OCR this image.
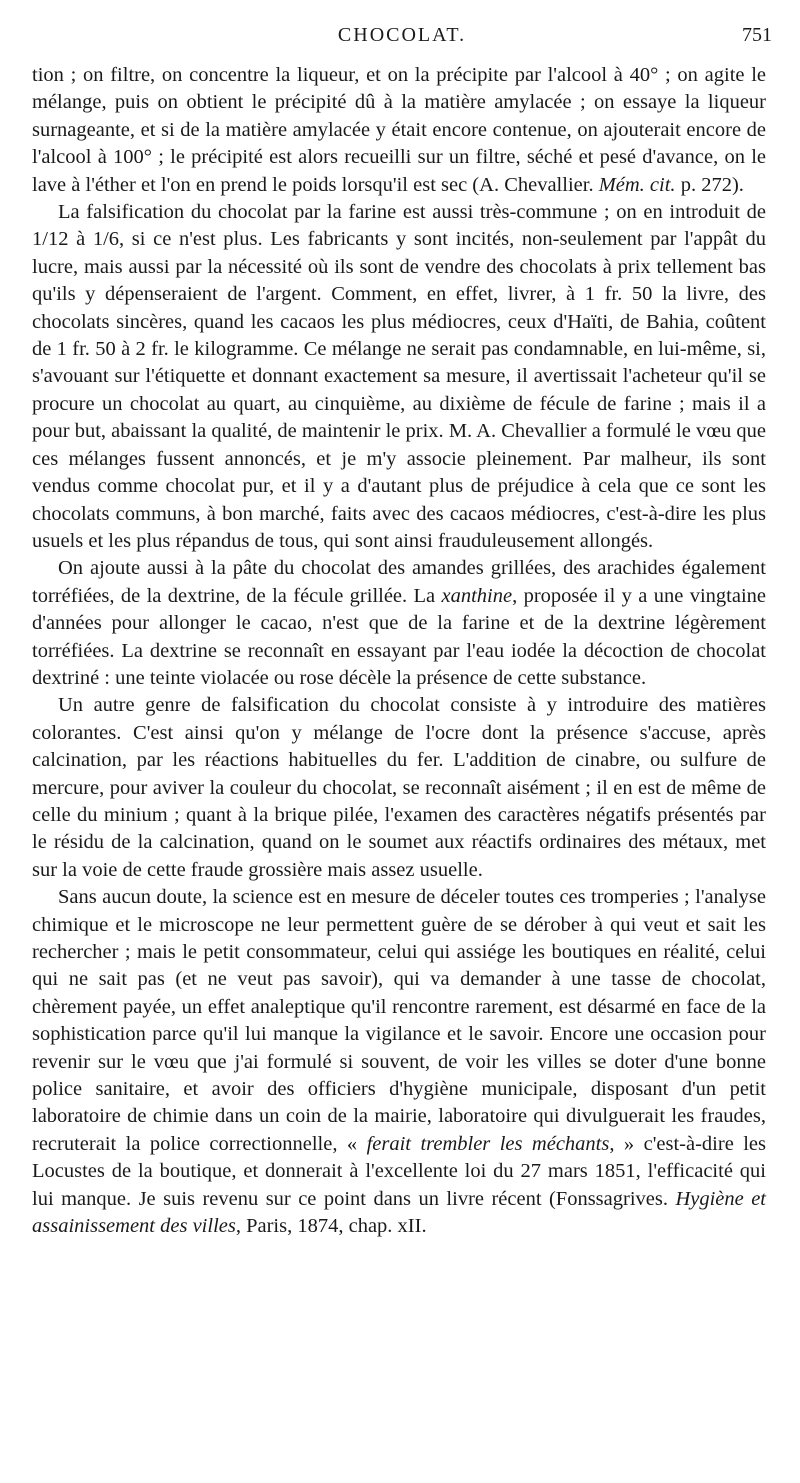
CHOCOLAT.	751

tion ; on filtre, on concentre la liqueur, et on la précipite par l'alcool à 40° ; on agite le mélange, puis on obtient le précipité dû à la matière amylacée ; on essaye la liqueur surnageante, et si de la matière amylacée y était encore contenue, on ajouterait encore de l'alcool à 100° ; le précipité est alors recueilli sur un filtre, séché et pesé d'avance, on le lave à l'éther et l'on en prend le poids lorsqu'il est sec (A. Chevallier. Mém. cit. p. 272).

La falsification du chocolat par la farine est aussi très-commune ; on en introduit de 1/12 à 1/6, si ce n'est plus. Les fabricants y sont incités, non-seulement par l'appât du lucre, mais aussi par la nécessité où ils sont de vendre des chocolats à prix tellement bas qu'ils y dépenseraient de l'argent. Comment, en effet, livrer, à 1 fr. 50 la livre, des chocolats sincères, quand les cacaos les plus médiocres, ceux d'Haïti, de Bahia, coûtent de 1 fr. 50 à 2 fr. le kilogramme. Ce mélange ne serait pas condamnable, en lui-même, si, s'avouant sur l'étiquette et donnant exactement sa mesure, il avertissait l'acheteur qu'il se procure un chocolat au quart, au cinquième, au dixième de fécule de farine ; mais il a pour but, abaissant la qualité, de maintenir le prix. M. A. Chevallier a formulé le vœu que ces mélanges fussent annoncés, et je m'y associe pleinement. Par malheur, ils sont vendus comme chocolat pur, et il y a d'autant plus de préjudice à cela que ce sont les chocolats communs, à bon marché, faits avec des cacaos médiocres, c'est-à-dire les plus usuels et les plus répandus de tous, qui sont ainsi frauduleusement allongés.

On ajoute aussi à la pâte du chocolat des amandes grillées, des arachides également torréfiées, de la dextrine, de la fécule grillée. La xanthine, proposée il y a une vingtaine d'années pour allonger le cacao, n'est que de la farine et de la dextrine légèrement torréfiées. La dextrine se reconnaît en essayant par l'eau iodée la décoction de chocolat dextriné : une teinte violacée ou rose décèle la présence de cette substance.

Un autre genre de falsification du chocolat consiste à y introduire des matières colorantes. C'est ainsi qu'on y mélange de l'ocre dont la présence s'accuse, après calcination, par les réactions habituelles du fer. L'addition de cinabre, ou sulfure de mercure, pour aviver la couleur du chocolat, se reconnaît aisément ; il en est de même de celle du minium ; quant à la brique pilée, l'examen des caractères négatifs présentés par le résidu de la calcination, quand on le soumet aux réactifs ordinaires des métaux, met sur la voie de cette fraude grossière mais assez usuelle.

Sans aucun doute, la science est en mesure de déceler toutes ces tromperies ; l'analyse chimique et le microscope ne leur permettent guère de se dérober à qui veut et sait les rechercher ; mais le petit consommateur, celui qui assiége les boutiques en réalité, celui qui ne sait pas (et ne veut pas savoir), qui va demander à une tasse de chocolat, chèrement payée, un effet analeptique qu'il rencontre rarement, est désarmé en face de la sophistication parce qu'il lui manque la vigilance et le savoir. Encore une occasion pour revenir sur le vœu que j'ai formulé si souvent, de voir les villes se doter d'une bonne police sanitaire, et avoir des officiers d'hygiène municipale, disposant d'un petit laboratoire de chimie dans un coin de la mairie, laboratoire qui divulguerait les fraudes, recruterait la police correctionnelle, « ferait trembler les méchants, » c'est-à-dire les Locustes de la boutique, et donnerait à l'excellente loi du 27 mars 1851, l'efficacité qui lui manque. Je suis revenu sur ce point dans un livre récent (Fonssagrives. Hygiène et assainissement des villes, Paris, 1874, chap. xII.
